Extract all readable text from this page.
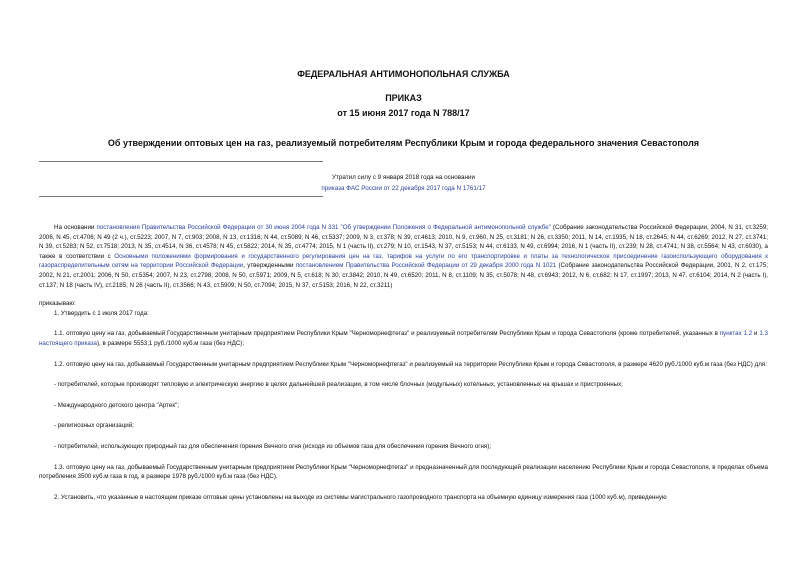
ФЕДЕРАЛЬНАЯ АНТИМОНОПОЛЬНАЯ СЛУЖБА
ПРИКАЗ
от 15 июня 2017 года N 788/17
Об утверждении оптовых цен на газ, реализуемый потребителям Республики Крым и города федерального значения Севастополя
Утратил силу с 9 января 2018 года на основании
приказа ФАС России от 22 декабря 2017 года N 1761/17

На основании постановления Правительства Российской Федерации от 30 июня 2004 года N 331 "Об утверждении Положения о Федеральной антимонопольной службе" (Собрание законодательства Российской Федерации, 2004, N 31, ст.3259; 2006, N 45, ст.4706; N 49 (2 ч.), ст.5223; 2007, N 7, ст.903; 2008, N 13, ст.1316; N 44, ст.5089; N 46, ст.5337; 2009, N 3, ст.378; N 39, ст.4613; 2010, N 9, ст.960, N 25, ст.3181; N 26, ст.3350; 2011, N 14, ст.1935, N 18, ст.2645; N 44, ст.6269; 2012, N 27, ст.3741; N 39, ст.5283; N 52, ст.7518; 2013, N 35, ст.4514, N 36, ст.4578; N 45, ст.5822; 2014, N 35, ст.4774; 2015, N 1 (часть II), ст.279; N 10, ст.1543, N 37, ст.5153; N 44, ст.6133, N 49, ст.6994; 2016, N 1 (часть II), ст.239; N 28, ст.4741; N 38, ст.5564; N 43, ст.6030), а также в соответствии с Основными положениями формирования и государственного регулирования цен на газ, тарифов на услуги по его транспортировке и платы за технологическое присоединение газоиспользующего оборудования к газораспределительным сетям на территории Российской Федерации, утвержденными постановлением Правительства Российской Федерации от 29 декабря 2000 года N 1021 (Собрание законодательства Российской Федерации, 2001, N 2, ст.175; 2002, N 21, ст.2001; 2006, N 50, ст.5354; 2007, N 23, ст.2798; 2008, N 50, ст.5971; 2009, N 5, ст.618; N 30, ст.3842; 2010, N 49, ст.6520; 2011, N 8, ст.1109; N 35, ст.5078; N 48, ст.6943; 2012, N 6, ст.682; N 17, ст.1997; 2013, N 47, ст.6104; 2014, N 2 (часть I), ст.137; N 18 (часть IV), ст.2185; N 26 (часть II), ст.3566; N 43, ст.5909; N 50, ст.7094; 2015, N 37, ст.5153; 2016, N 22, ст.3211)

приказываю:

1. Утвердить с 1 июля 2017 года:

1.1. оптовую цену на газ, добываемый Государственным унитарным предприятием Республики Крым "Черноморнефтегаз" и реализуемый потребителям Республики Крым и города Севастополя (кроме потребителей, указанных в пунктах 1.2 и 1.3 настоящего приказа), в размере 5553,1 руб./1000 куб.м газа (без НДС);

1.2. оптовую цену на газ, добываемый Государственным унитарным предприятием Республики Крым "Черноморнефтегаз" и реализуемый на территории Республики Крым и города Севастополя, в размере 4620 руб./1000 куб.м газа (без НДС) для:

- потребителей, которые производят тепловую и электрическую энергию в целях дальнейшей реализации, в том числе блочных (модульных) котельных, установленных на крышах и пристроенных;

- Международного детского центра "Артек";

- религиозных организаций;

- потребителей, использующих природный газ для обеспечения горения Вечного огня (исходя из объемов газа для обеспечения горения Вечного огня);

1.3. оптовую цену на газ, добываемый Государственным унитарным предприятием Республики Крым "Черноморнефтегаз" и предназначенный для последующей реализации населению Республики Крым и города Севастополя, в пределах объема потребления 3500 куб.м газа в год, в размере 1978 руб./1000 куб.м газа (без НДС).

2. Установить, что указанные в настоящем приказе оптовые цены установлены на выходе из системы магистрального газопроводного транспорта на объемную единицу измерения газа (1000 куб.м), приведенную
